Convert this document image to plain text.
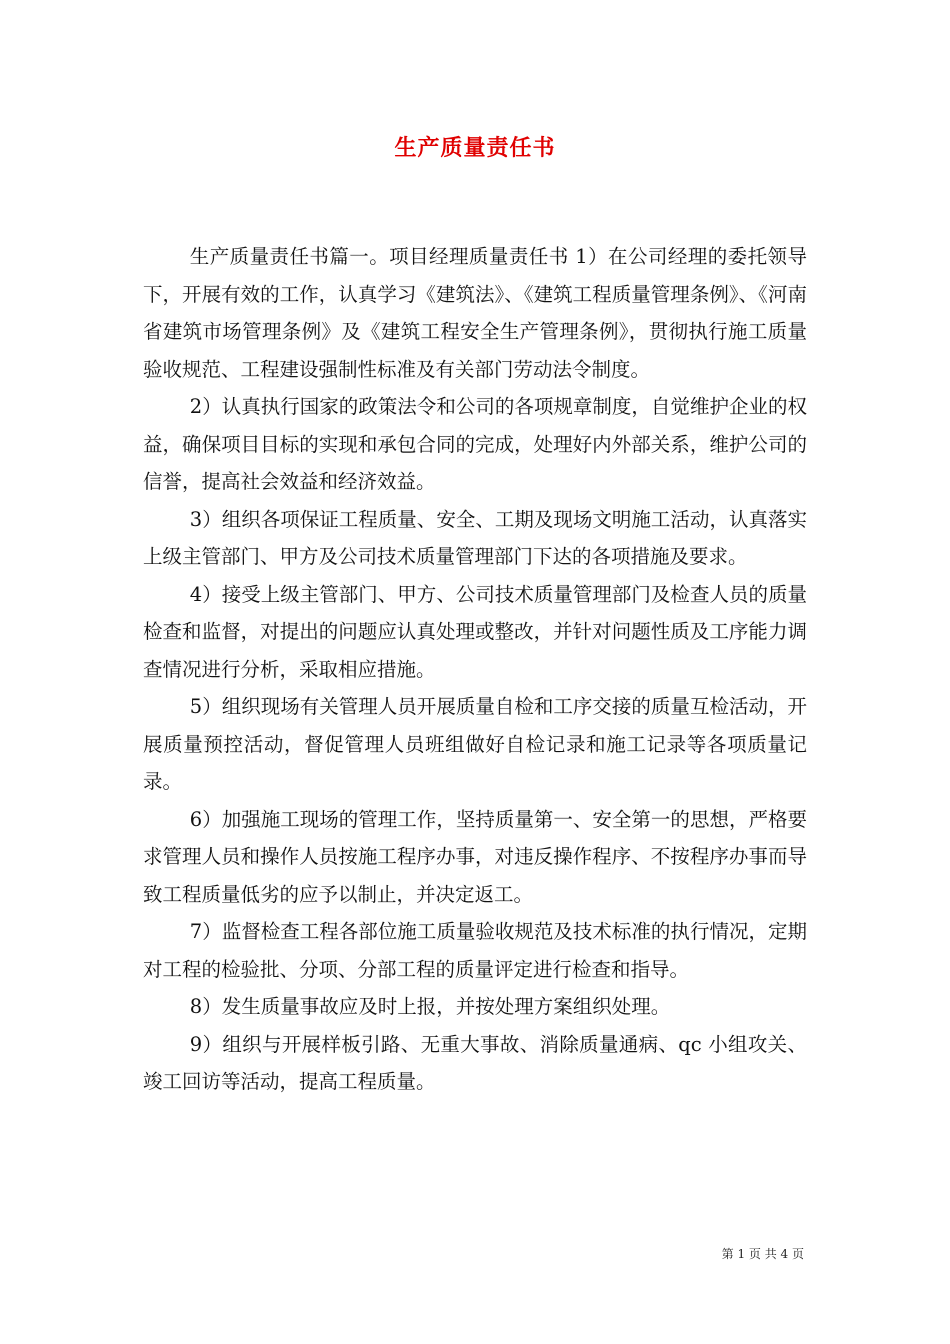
生产质量责任书

生产质量责任书篇一。项目经理质量责任书 1）在公司经理的委托领导下，开展有效的工作，认真学习《建筑法》、《建筑工程质量管理条例》、《河南省建筑市场管理条例》及《建筑工程安全生产管理条例》，贯彻执行施工质量验收规范、工程建设强制性标准及有关部门劳动法令制度。

2）认真执行国家的政策法令和公司的各项规章制度，自觉维护企业的权益，确保项目目标的实现和承包合同的完成，处理好内外部关系，维护公司的信誉，提高社会效益和经济效益。

3）组织各项保证工程质量、安全、工期及现场文明施工活动，认真落实上级主管部门、甲方及公司技术质量管理部门下达的各项措施及要求。

4）接受上级主管部门、甲方、公司技术质量管理部门及检查人员的质量检查和监督，对提出的问题应认真处理或整改，并针对问题性质及工序能力调查情况进行分析，采取相应措施。

5）组织现场有关管理人员开展质量自检和工序交接的质量互检活动，开展质量预控活动，督促管理人员班组做好自检记录和施工记录等各项质量记录。

6）加强施工现场的管理工作，坚持质量第一、安全第一的思想，严格要求管理人员和操作人员按施工程序办事，对违反操作程序、不按程序办事而导致工程质量低劣的应予以制止，并决定返工。

7）监督检查工程各部位施工质量验收规范及技术标准的执行情况，定期对工程的检验批、分项、分部工程的质量评定进行检查和指导。

8）发生质量事故应及时上报，并按处理方案组织处理。

9）组织与开展样板引路、无重大事故、消除质量通病、qc 小组攻关、竣工回访等活动，提高工程质量。

第 1 页 共 4 页
